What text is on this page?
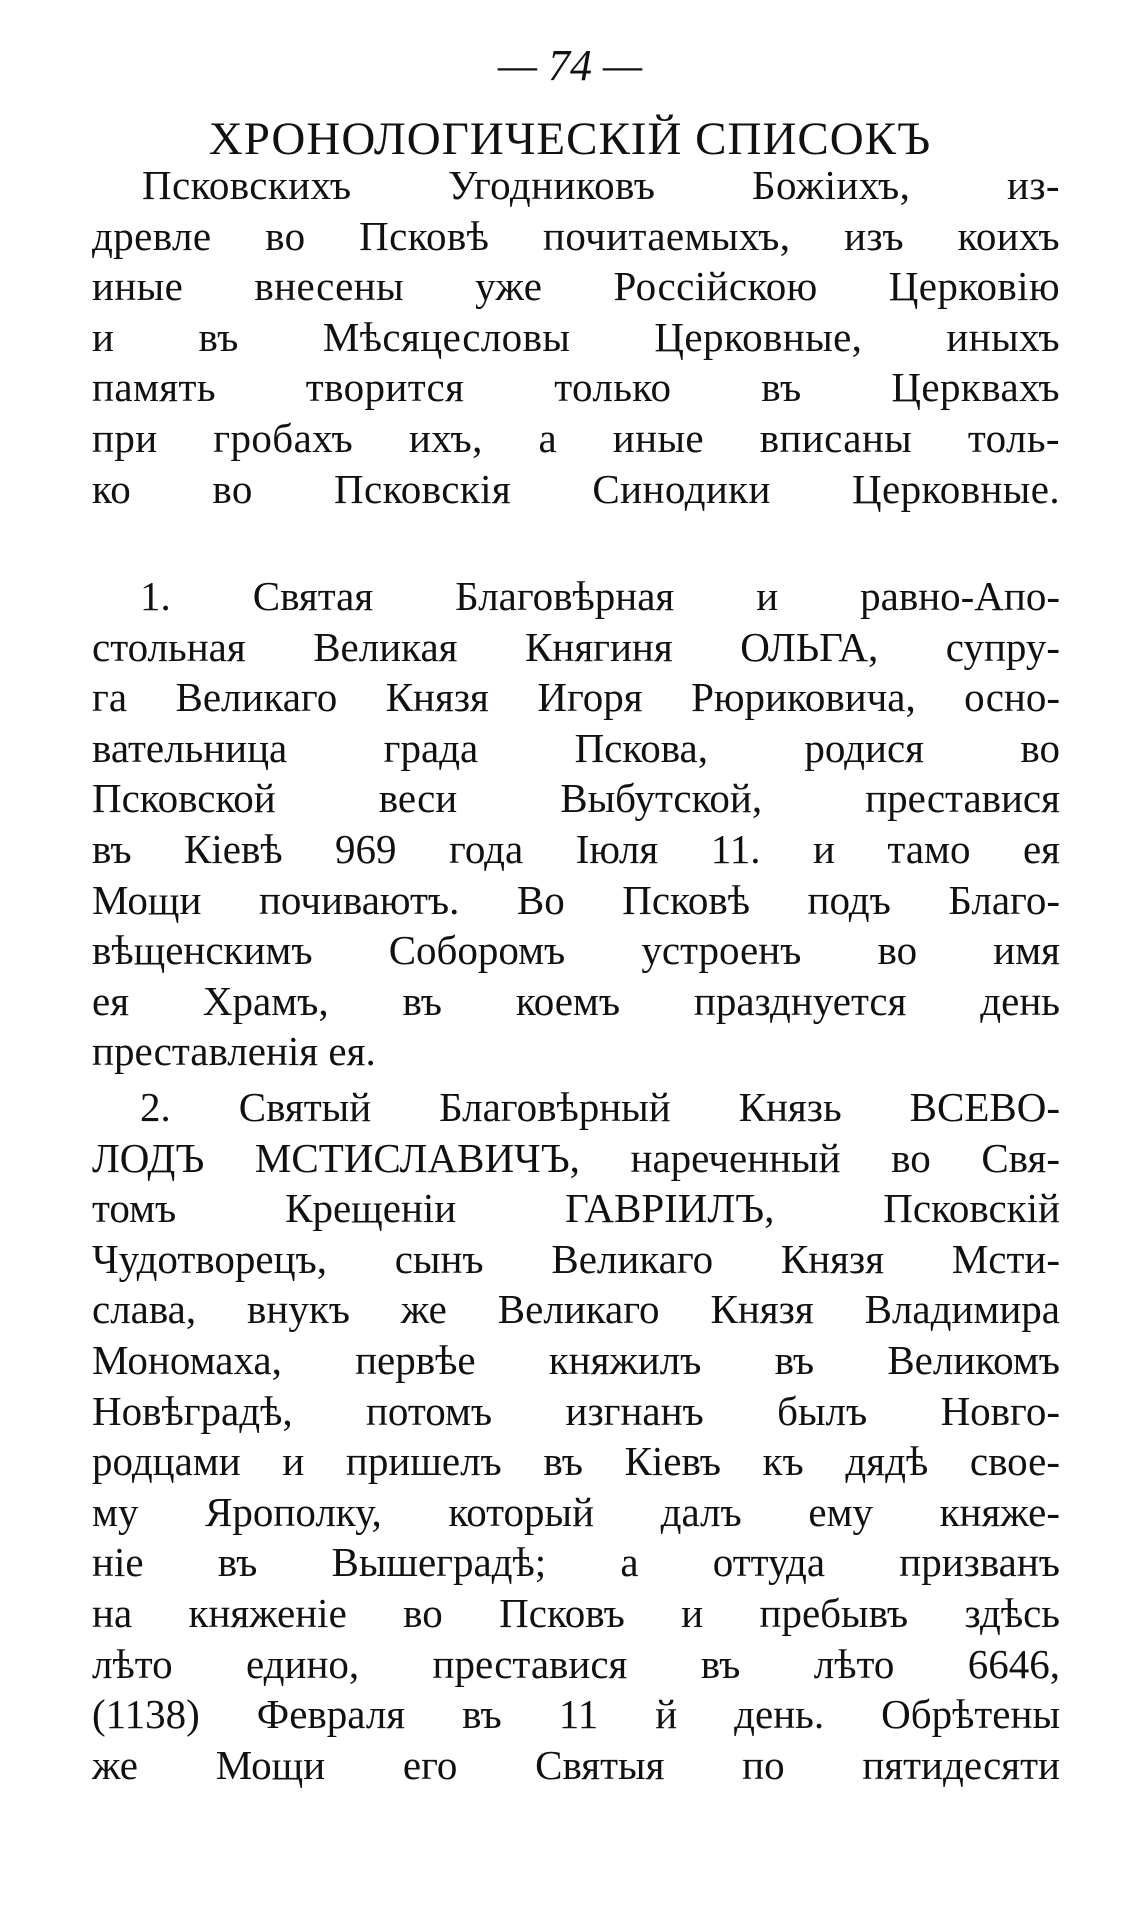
— 74 —
ХРОНОЛОГИЧЕСКІЙ СПИСОКЪ
Псковскихъ Угодниковъ Божіихъ, из-
древле во Псковѣ почитаемыхъ, изъ коихъ
иные внесены уже Россійскою Церковію
и въ Мѣсяцесловы Церковные, иныхъ
память творится только въ Церквахъ
при гробахъ ихъ, а иные вписаны толь-
ко во Псковскія Синодики Церковные.
1. Святая Благовѣрная и равно-Апо-
стольная Великая Княгиня ОЛЬГА, супру-
га Великаго Князя Игоря Рюриковича, осно-
вательница града Пскова, родися во
Псковской веси Выбутской, преставися
въ Кіевѣ 969 года Іюля 11. и тамо ея
Мощи почиваютъ. Во Псковѣ подъ Благо-
вѣщенскимъ Соборомъ устроенъ во имя
ея Храмъ, въ коемъ празднуется день
преставленія ея.
2. Святый Благовѣрный Князь ВСЕВО-
ЛОДЪ МСТИСЛАВИЧЪ, нареченный во Свя-
томъ Крещеніи ГАВРІИЛЪ, Псковскій
Чудотворецъ, сынъ Великаго Князя Мсти-
слава, внукъ же Великаго Князя Владимира
Мономаха, первѣе княжилъ въ Великомъ
Новѣградѣ, потомъ изгнанъ былъ Новго-
родцами и пришелъ въ Кіевъ къ дядѣ свое-
му Ярополку, который далъ ему княже-
ніе въ Вышеградѣ; а оттуда призванъ
на княженіе во Псковъ и пребывъ здѣсь
лѣто едино, преставися въ лѣто 6646,
(1138) Февраля въ 11 й день. Обрѣтены
же Мощи его Святыя по пятидесяти
